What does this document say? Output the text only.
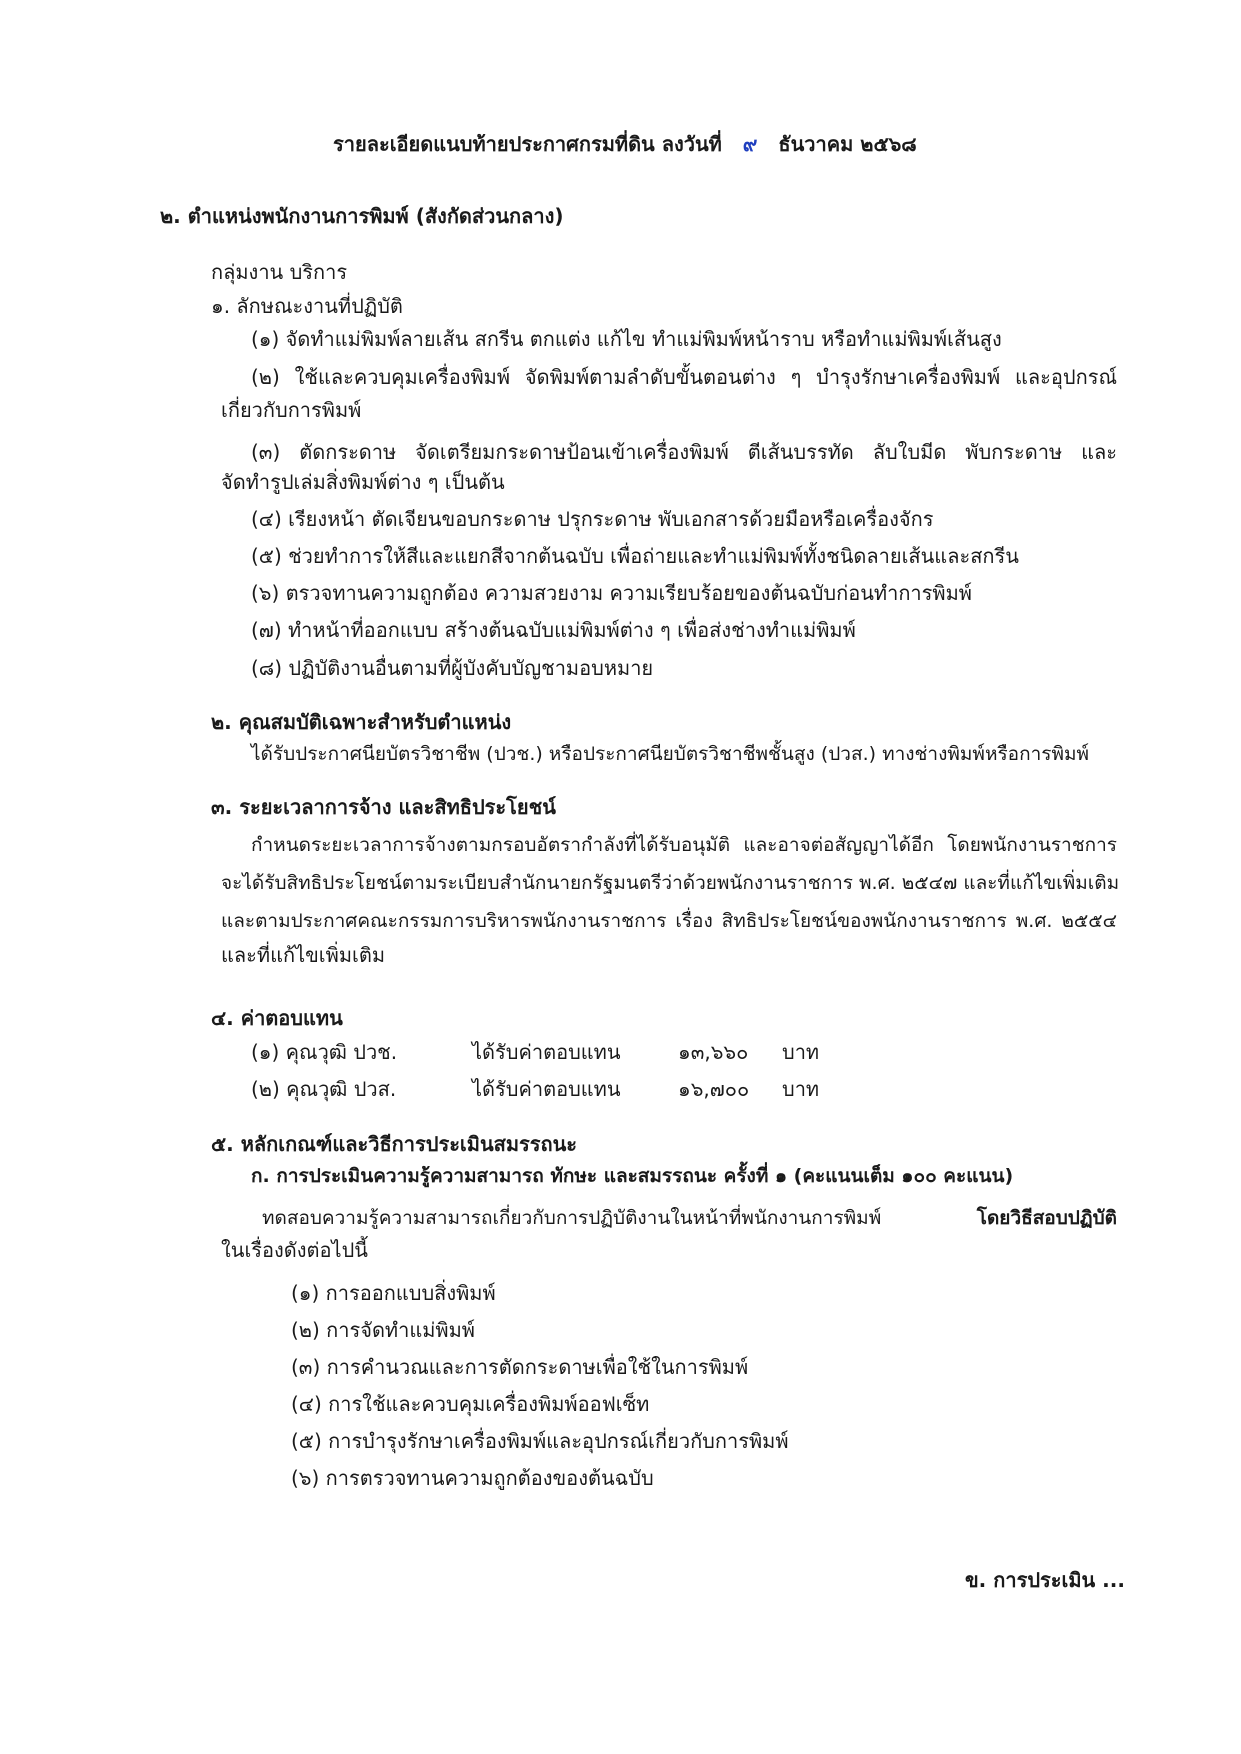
รายละเอียดแนบท้ายประกาศกรมที่ดิน ลงวันที่ ๙ ธันวาคม ๒๕๖๘
๒. ตำแหน่งพนักงานการพิมพ์ (สังกัดส่วนกลาง)
กลุ่มงาน บริการ
๑. ลักษณะงานที่ปฏิบัติ
(๑) จัดทำแม่พิมพ์ลายเส้น สกรีน ตกแต่ง แก้ไข ทำแม่พิมพ์หน้าราบ หรือทำแม่พิมพ์เส้นสูง
(๒) ใช้และควบคุมเครื่องพิมพ์ จัดพิมพ์ตามลำดับขั้นตอนต่าง ๆ บำรุงรักษาเครื่องพิมพ์ และอุปกรณ์
เกี่ยวกับการพิมพ์
(๓) ตัดกระดาษ จัดเตรียมกระดาษป้อนเข้าเครื่องพิมพ์ ตีเส้นบรรทัด ลับใบมีด พับกระดาษ และ
จัดทำรูปเล่มสิ่งพิมพ์ต่าง ๆ เป็นต้น
(๔) เรียงหน้า ตัดเจียนขอบกระดาษ ปรุกระดาษ พับเอกสารด้วยมือหรือเครื่องจักร
(๕) ช่วยทำการให้สีและแยกสีจากต้นฉบับ เพื่อถ่ายและทำแม่พิมพ์ทั้งชนิดลายเส้นและสกรีน
(๖) ตรวจทานความถูกต้อง ความสวยงาม ความเรียบร้อยของต้นฉบับก่อนทำการพิมพ์
(๗) ทำหน้าที่ออกแบบ สร้างต้นฉบับแม่พิมพ์ต่าง ๆ เพื่อส่งช่างทำแม่พิมพ์
(๘) ปฏิบัติงานอื่นตามที่ผู้บังคับบัญชามอบหมาย
๒. คุณสมบัติเฉพาะสำหรับตำแหน่ง
ได้รับประกาศนียบัตรวิชาชีพ (ปวช.) หรือประกาศนียบัตรวิชาชีพชั้นสูง (ปวส.) ทางช่างพิมพ์หรือการพิมพ์
๓. ระยะเวลาการจ้าง และสิทธิประโยชน์
กำหนดระยะเวลาการจ้างตามกรอบอัตรากำลังที่ได้รับอนุมัติ และอาจต่อสัญญาได้อีก โดยพนักงานราชการ
จะได้รับสิทธิประโยชน์ตามระเบียบสำนักนายกรัฐมนตรีว่าด้วยพนักงานราชการ พ.ศ. ๒๕๔๗ และที่แก้ไขเพิ่มเติม
และตามประกาศคณะกรรมการบริหารพนักงานราชการ เรื่อง สิทธิประโยชน์ของพนักงานราชการ พ.ศ. ๒๕๕๔
และที่แก้ไขเพิ่มเติม
๔. ค่าตอบแทน
(๑) คุณวุฒิ ปวช.	ได้รับค่าตอบแทน	๑๓,๖๖๐ บาท
(๒) คุณวุฒิ ปวส.	ได้รับค่าตอบแทน	๑๖,๗๐๐ บาท
๕. หลักเกณฑ์และวิธีการประเมินสมรรถนะ
ก. การประเมินความรู้ความสามารถ ทักษะ และสมรรถนะ ครั้งที่ ๑ (คะแนนเต็ม ๑๐๐ คะแนน)
ทดสอบความรู้ความสามารถเกี่ยวกับการปฏิบัติงานในหน้าที่พนักงานการพิมพ์	โดยวิธีสอบปฏิบัติ
ในเรื่องดังต่อไปนี้
(๑) การออกแบบสิ่งพิมพ์
(๒) การจัดทำแม่พิมพ์
(๓) การคำนวณและการตัดกระดาษเพื่อใช้ในการพิมพ์
(๔) การใช้และควบคุมเครื่องพิมพ์ออฟเซ็ท
(๕) การบำรุงรักษาเครื่องพิมพ์และอุปกรณ์เกี่ยวกับการพิมพ์
(๖) การตรวจทานความถูกต้องของต้นฉบับ
ข. การประเมิน ...
